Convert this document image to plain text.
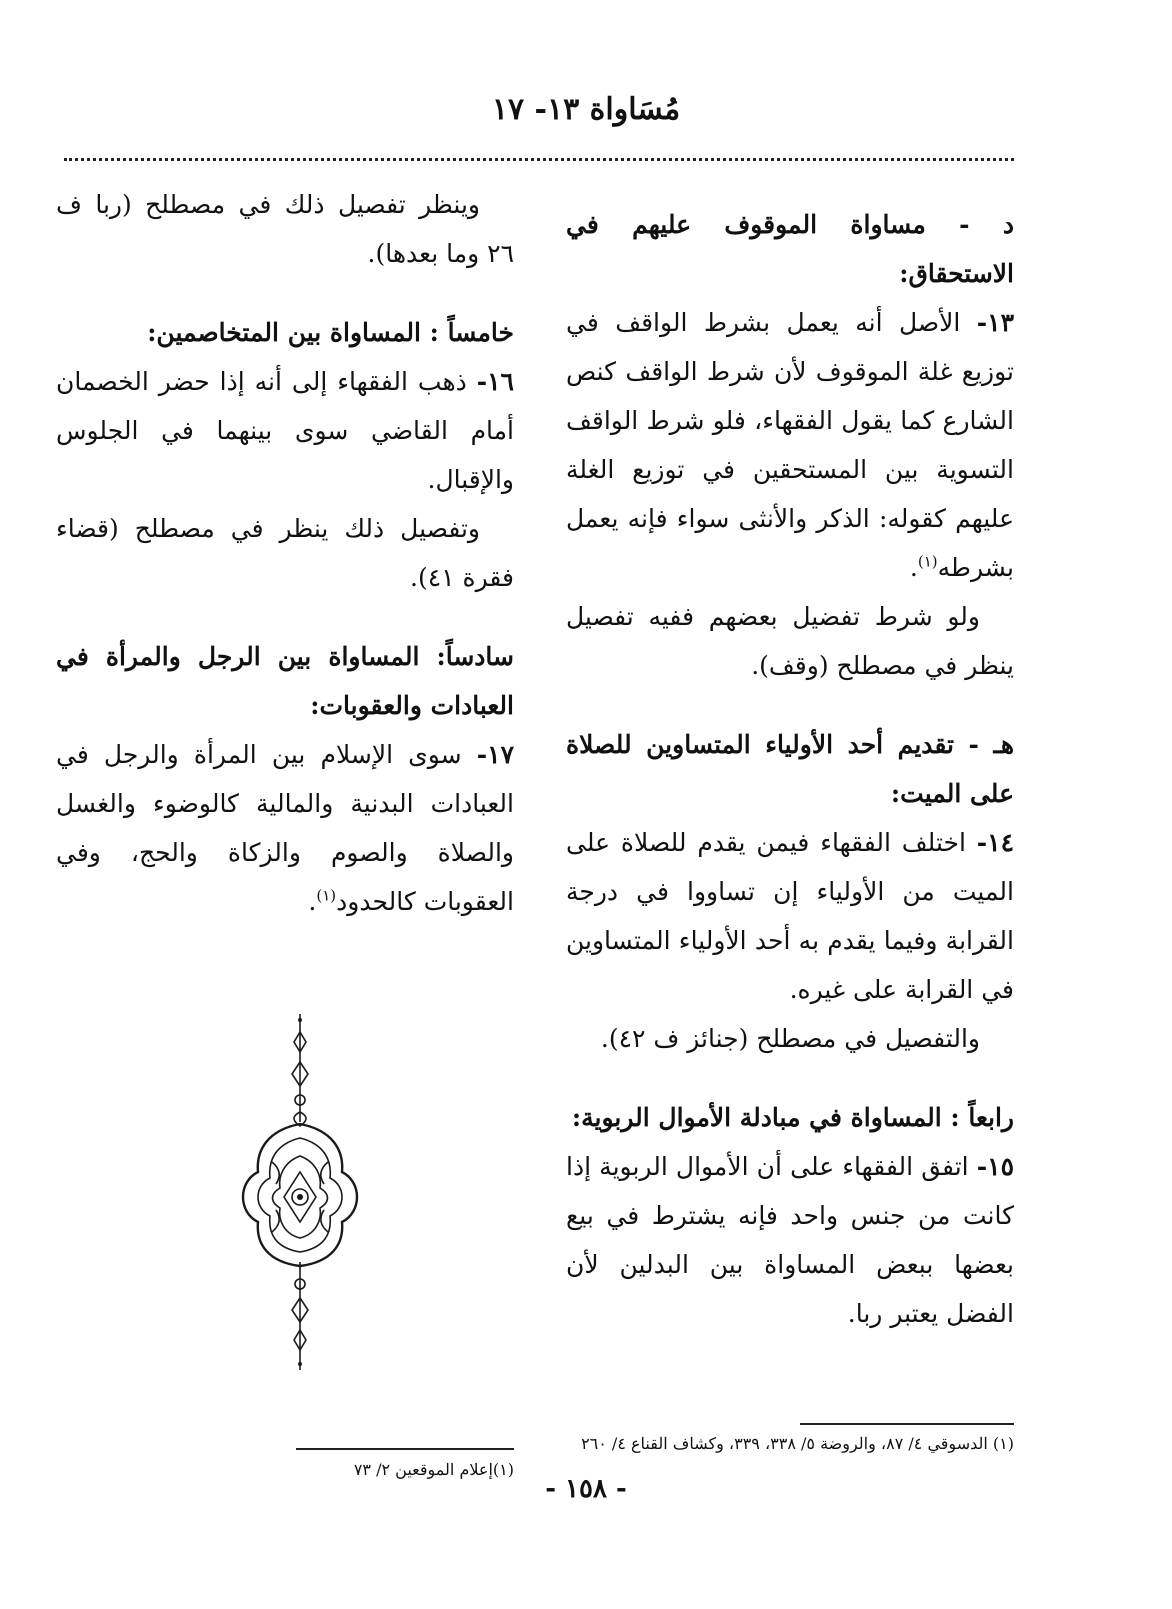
مُسَاواة ١٣- ١٧
د - مساواة الموقوف عليهم في الاستحقاق:

١٣- الأصل أنه يعمل بشرط الواقف في توزيع غلة الموقوف لأن شرط الواقف كنص الشارع كما يقول الفقهاء، فلو شرط الواقف التسوية بين المستحقين في توزيع الغلة عليهم كقوله: الذكر والأنثى سواء فإنه يعمل بشرطه$^{(١)}$.

ولو شرط تفضيل بعضهم ففيه تفصيل ينظر في مصطلح (وقف).

هـ - تقديم أحد الأولياء المتساوين للصلاة على الميت:

١٤- اختلف الفقهاء فيمن يقدم للصلاة على الميت من الأولياء إن تساووا في درجة القرابة وفيما يقدم به أحد الأولياء المتساوين في القرابة على غيره.

والتفصيل في مصطلح (جنائز ف ٤٢).

رابعاً : المساواة في مبادلة الأموال الربوية:

١٥- اتفق الفقهاء على أن الأموال الربوية إذا كانت من جنس واحد فإنه يشترط في بيع بعضها ببعض المساواة بين البدلين لأن الفضل يعتبر ربا.

وينظر تفصيل ذلك في مصطلح (ربا ف ٢٦ وما بعدها).

خامساً : المساواة بين المتخاصمين:

١٦- ذهب الفقهاء إلى أنه إذا حضر الخصمان أمام القاضي سوى بينهما في الجلوس والإقبال.

وتفصيل ذلك ينظر في مصطلح (قضاء فقرة ٤١).

سادساً: المساواة بين الرجل والمرأة في العبادات والعقوبات:

١٧- سوى الإسلام بين المرأة والرجل في العبادات البدنية والمالية كالوضوء والغسل والصلاة والصوم والزكاة والحج، وفي العقوبات كالحدود$^{(١)}$.

(١) الدسوقي ٤/ ٨٧، والروضة ٥/ ٣٣٨، ٣٣٩، وكشاف القناع ٤/ ٢٦٠
(١)إعلام الموقعين ٢/ ٧٣
- ١٥٨ -
